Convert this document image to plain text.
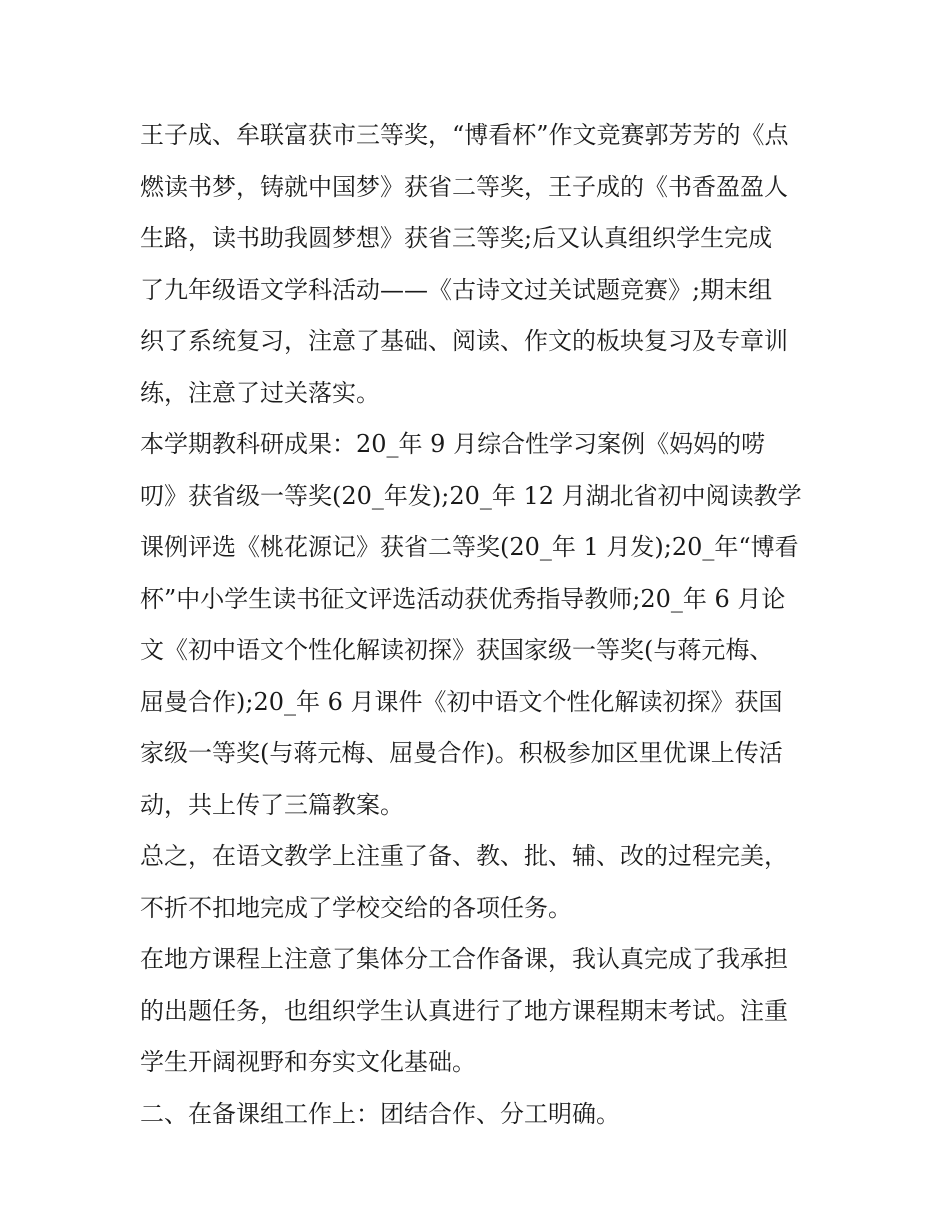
王子成、牟联富获市三等奖，“博看杯”作文竞赛郭芳芳的《点
燃读书梦，铸就中国梦》获省二等奖，王子成的《书香盈盈人
生路，读书助我圆梦想》获省三等奖;后又认真组织学生完成
了九年级语文学科活动——《古诗文过关试题竞赛》;期末组
织了系统复习，注意了基础、阅读、作文的板块复习及专章训
练，注意了过关落实。
本学期教科研成果：20_年 9 月综合性学习案例《妈妈的唠
叨》获省级一等奖(20_年发);20_年 12 月湖北省初中阅读教学
课例评选《桃花源记》获省二等奖(20_年 1 月发);20_年“博看
杯”中小学生读书征文评选活动获优秀指导教师;20_年 6 月论
文《初中语文个性化解读初探》获国家级一等奖(与蒋元梅、
屈曼合作);20_年 6 月课件《初中语文个性化解读初探》获国
家级一等奖(与蒋元梅、屈曼合作)。积极参加区里优课上传活
动，共上传了三篇教案。
总之，在语文教学上注重了备、教、批、辅、改的过程完美，
不折不扣地完成了学校交给的各项任务。
在地方课程上注意了集体分工合作备课，我认真完成了我承担
的出题任务，也组织学生认真进行了地方课程期末考试。注重
学生开阔视野和夯实文化基础。
二、在备课组工作上：团结合作、分工明确。
